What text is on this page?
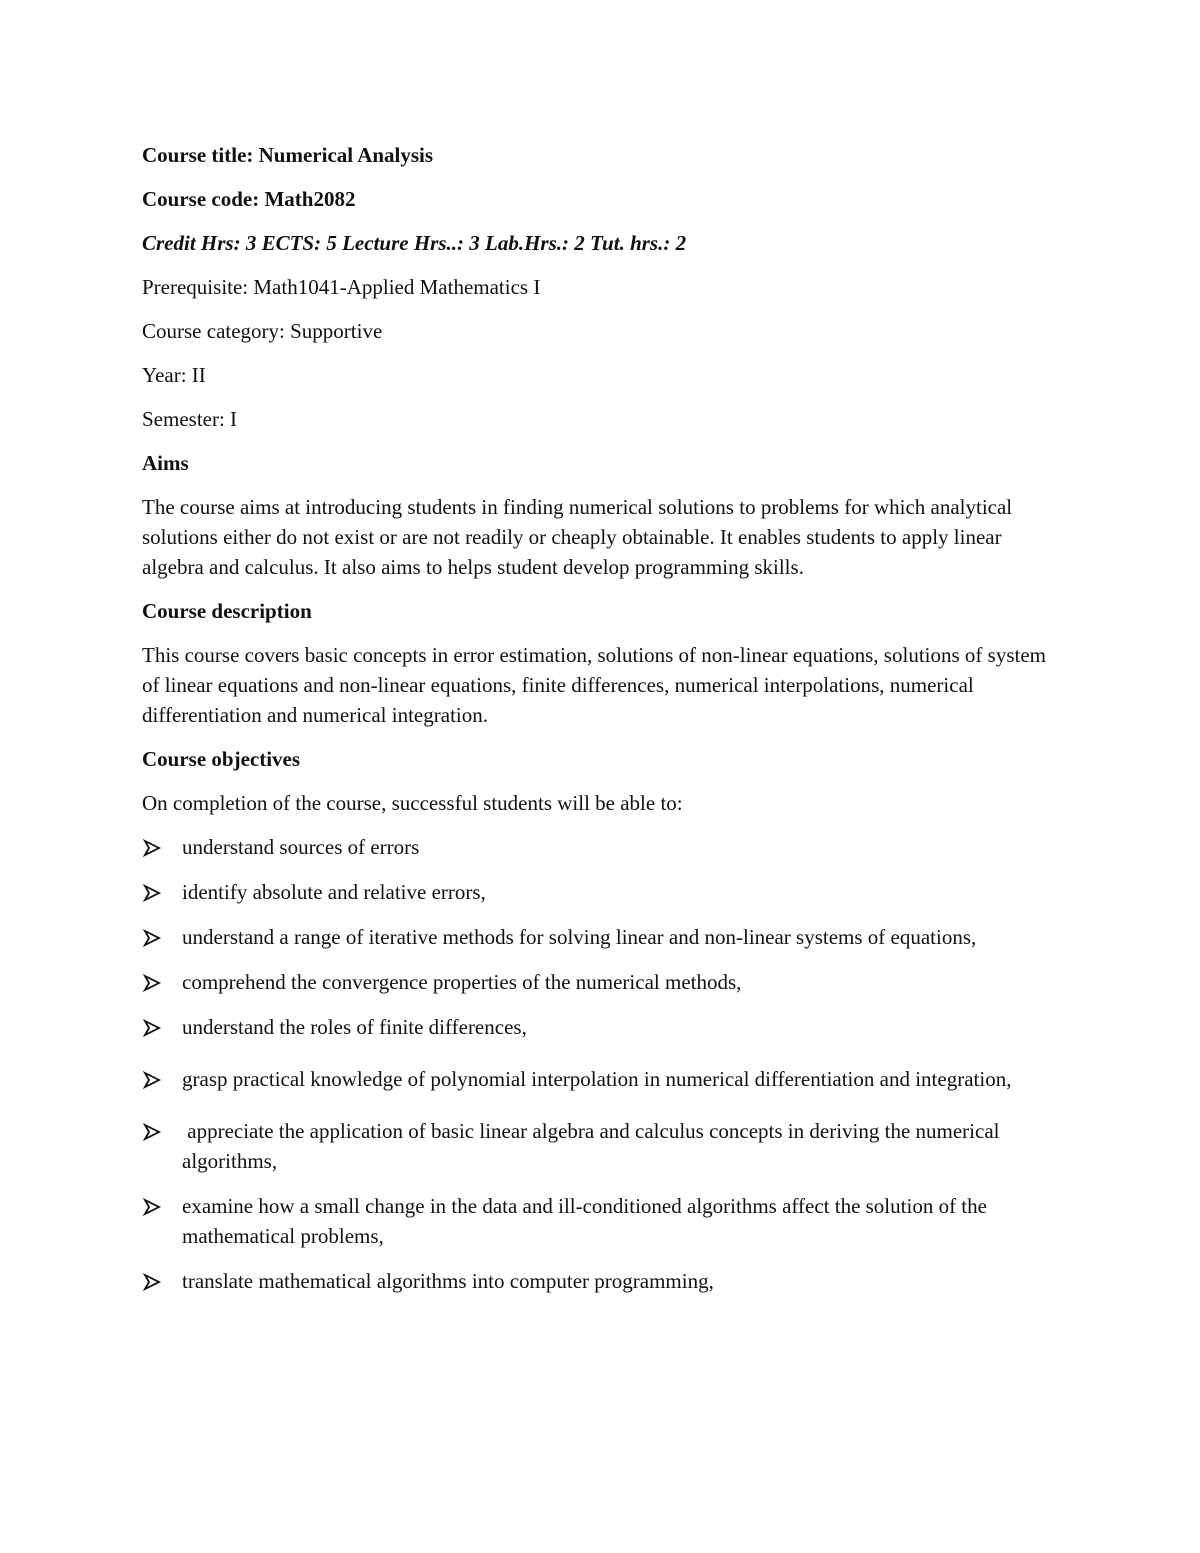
Course title: Numerical Analysis

Course code: Math2082

Credit Hrs: 3 ECTS: 5 Lecture Hrs..: 3 Lab.Hrs.: 2 Tut. hrs.: 2

Prerequisite: Math1041-Applied Mathematics I

Course category: Supportive

Year: II

Semester: I

Aims

The course aims at introducing students in finding numerical solutions to problems for which analytical solutions either do not exist or are not readily or cheaply obtainable. It enables students to apply linear algebra and calculus. It also aims to helps student develop programming skills.

Course description

This course covers basic concepts in error estimation, solutions of non-linear equations, solutions of system of linear equations and non-linear equations, finite differences, numerical interpolations, numerical differentiation and numerical integration.

Course objectives

On completion of the course, successful students will be able to:

understand sources of errors
identify absolute and relative errors,
understand a range of iterative methods for solving linear and non-linear systems of equations,
comprehend the convergence properties of the numerical methods,
understand the roles of finite differences,
grasp practical knowledge of polynomial interpolation in numerical differentiation and integration,
appreciate the application of basic linear algebra and calculus concepts in deriving the numerical algorithms,
examine how a small change in the data and ill-conditioned algorithms affect the solution of the mathematical problems,
translate mathematical algorithms into computer programming,
